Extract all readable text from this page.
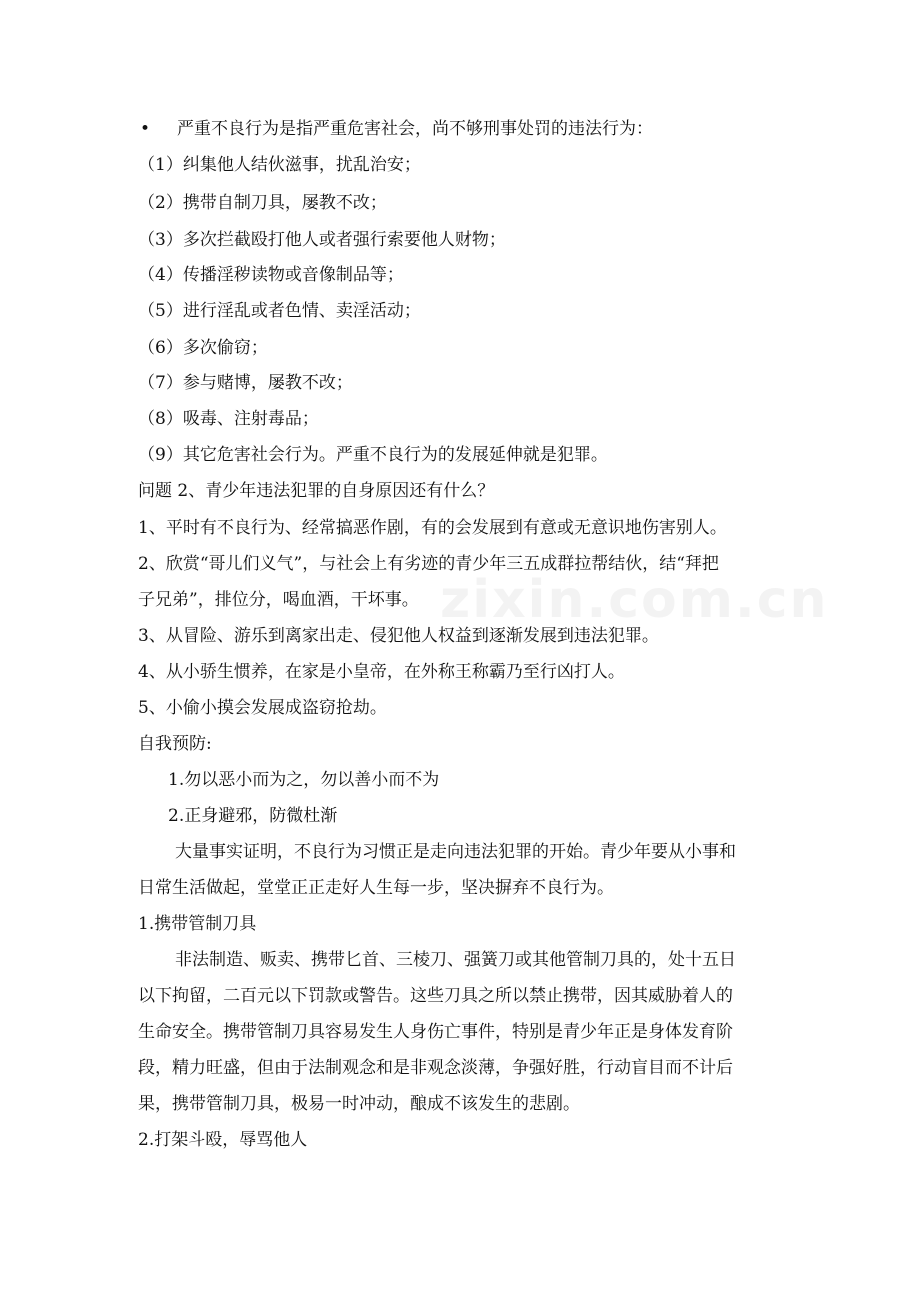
zixin.com.cn
• 严重不良行为是指严重危害社会，尚不够刑事处罚的违法行为：
（1）纠集他人结伙滋事，扰乱治安；
（2）携带自制刀具，屡教不改；
（3）多次拦截殴打他人或者强行索要他人财物；
（4）传播淫秽读物或音像制品等；
（5）进行淫乱或者色情、卖淫活动；
（6）多次偷窃；
（7）参与赌博，屡教不改；
（8）吸毒、注射毒品；
（9）其它危害社会行为。严重不良行为的发展延伸就是犯罪。
问题 2、青少年违法犯罪的自身原因还有什么？
1、平时有不良行为、经常搞恶作剧，有的会发展到有意或无意识地伤害别人。
2、欣赏“哥儿们义气”，与社会上有劣迹的青少年三五成群拉帮结伙，结“拜把
子兄弟”，排位分，喝血酒，干坏事。
3、从冒险、游乐到离家出走、侵犯他人权益到逐渐发展到违法犯罪。
4、从小骄生惯养，在家是小皇帝，在外称王称霸乃至行凶打人。
5、小偷小摸会发展成盗窃抢劫。
自我预防:
1.勿以恶小而为之，勿以善小而不为
2.正身避邪，防微杜渐
大量事实证明，不良行为习惯正是走向违法犯罪的开始。青少年要从小事和
日常生活做起，堂堂正正走好人生每一步，坚决摒弃不良行为。
1.携带管制刀具
非法制造、贩卖、携带匕首、三棱刀、强簧刀或其他管制刀具的，处十五日
以下拘留，二百元以下罚款或警告。这些刀具之所以禁止携带，因其威胁着人的
生命安全。携带管制刀具容易发生人身伤亡事件，特别是青少年正是身体发育阶
段，精力旺盛，但由于法制观念和是非观念淡薄，争强好胜，行动盲目而不计后
果，携带管制刀具，极易一时冲动，酿成不该发生的悲剧。
2.打架斗殴，辱骂他人
